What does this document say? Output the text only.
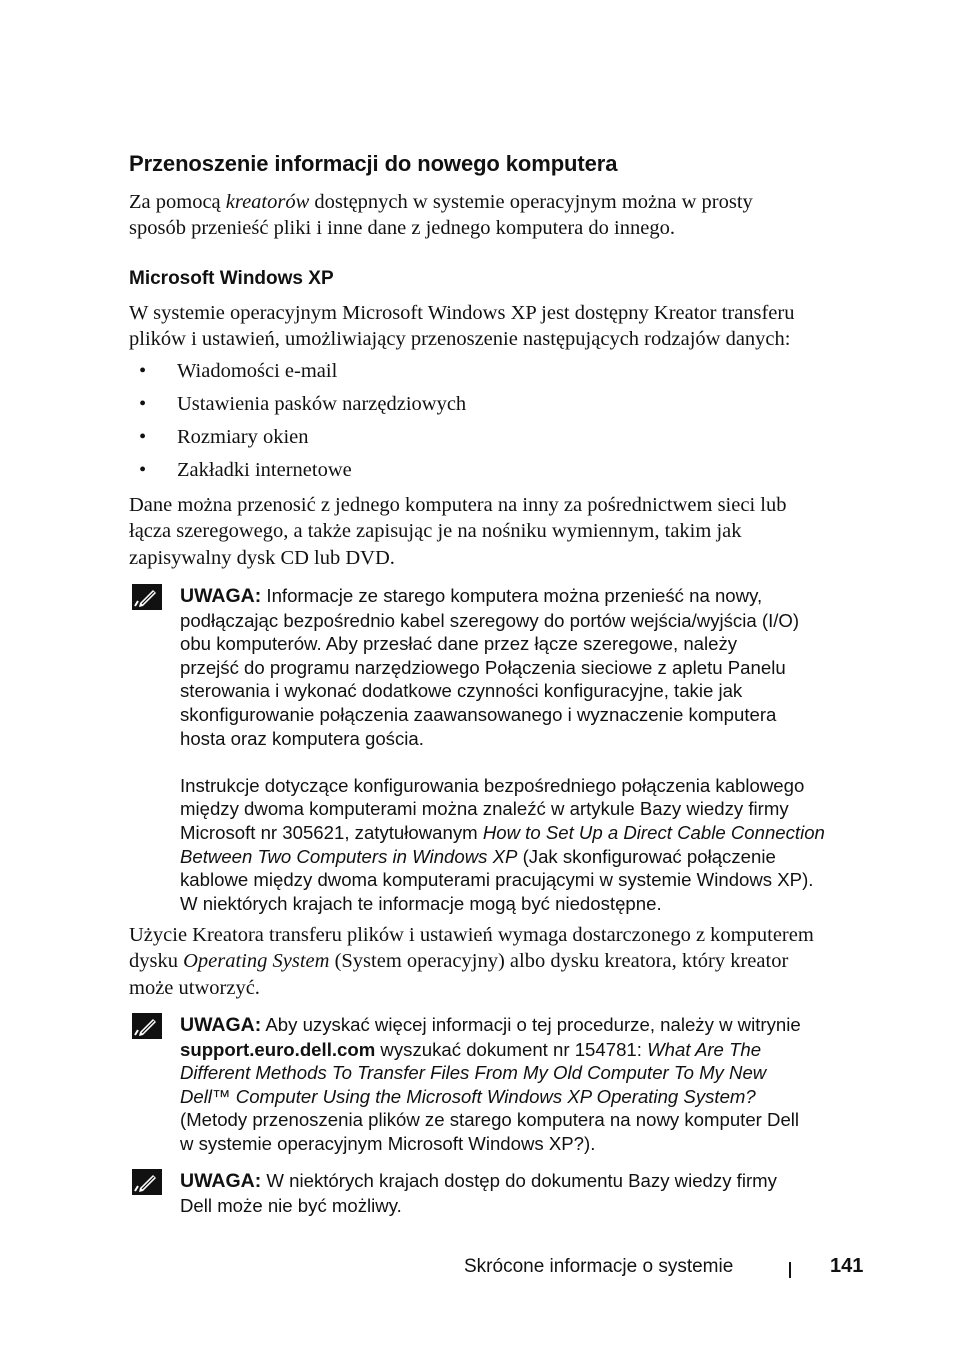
Przenoszenie informacji do nowego komputera
Za pomocą kreatorów dostępnych w systemie operacyjnym można w prosty
sposób przenieść pliki i inne dane z jednego komputera do innego.
Microsoft Windows XP
W systemie operacyjnym Microsoft Windows XP jest dostępny Kreator transferu
plików i ustawień, umożliwiający przenoszenie następujących rodzajów danych:
• Wiadomości e-mail
• Ustawienia pasków narzędziowych
• Rozmiary okien
• Zakładki internetowe
Dane można przenosić z jednego komputera na inny za pośrednictwem sieci lub
łącza szeregowego, a także zapisując je na nośniku wymiennym, takim jak
zapisywalny dysk CD lub DVD.
UWAGA: Informacje ze starego komputera można przenieść na nowy,
podłączając bezpośrednio kabel szeregowy do portów wejścia/wyjścia (I/O)
obu komputerów. Aby przesłać dane przez łącze szeregowe, należy
przejść do programu narzędziowego Połączenia sieciowe z apletu Panelu
sterowania i wykonać dodatkowe czynności konfiguracyjne, takie jak
skonfigurowanie połączenia zaawansowanego i wyznaczenie komputera
hosta oraz komputera gościa.
Instrukcje dotyczące konfigurowania bezpośredniego połączenia kablowego
między dwoma komputerami można znaleźć w artykule Bazy wiedzy firmy
Microsoft nr 305621, zatytułowanym How to Set Up a Direct Cable Connection
Between Two Computers in Windows XP (Jak skonfigurować połączenie
kablowe między dwoma komputerami pracującymi w systemie Windows XP).
W niektórych krajach te informacje mogą być niedostępne.
Użycie Kreatora transferu plików i ustawień wymaga dostarczonego z komputerem
dysku Operating System (System operacyjny) albo dysku kreatora, który kreator
może utworzyć.
UWAGA: Aby uzyskać więcej informacji o tej procedurze, należy w witrynie
support.euro.dell.com wyszukać dokument nr 154781: What Are The
Different Methods To Transfer Files From My Old Computer To My New
Dell™ Computer Using the Microsoft Windows XP Operating System?
(Metody przenoszenia plików ze starego komputera na nowy komputer Dell
w systemie operacyjnym Microsoft Windows XP?).
UWAGA: W niektórych krajach dostęp do dokumentu Bazy wiedzy firmy
Dell może nie być możliwy.
Skrócone informacje o systemie	141
